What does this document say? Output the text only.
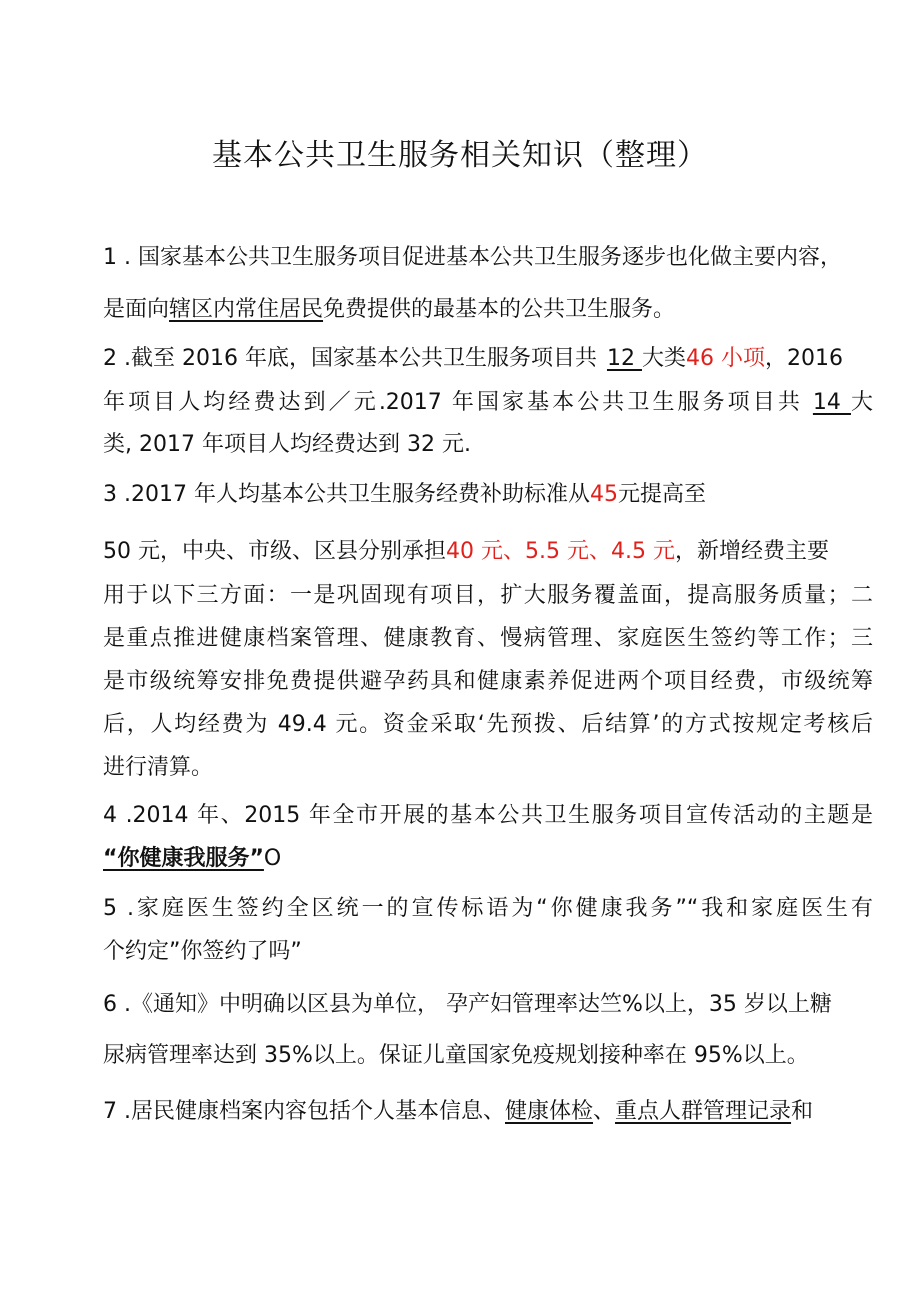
基本公共卫生服务相关知识（整理）
1 . 国家基本公共卫生服务项目促进基本公共卫生服务逐步也化做主要内容，
是面向辖区内常住居民免费提供的最基本的公共卫生服务。
2 .截至 2016 年底，国家基本公共卫生服务项目共 12 大类46 小项，2016
年项目人均经费达到／元.2017 年国家基本公共卫生服务项目共 14 大
类, 2017 年项目人均经费达到 32 元.
3 .2017 年人均基本公共卫生服务经费补助标准从45元提高至
50 元，中央、市级、区县分别承担40 元、5.5 元、4.5 元，新增经费主要
用于以下三方面：一是巩固现有项目，扩大服务覆盖面，提高服务质量；二
是重点推进健康档案管理、健康教育、慢病管理、家庭医生签约等工作；三
是市级统筹安排免费提供避孕药具和健康素养促进两个项目经费，市级统筹
后，人均经费为 49.4 元。资金采取‘先预拨、后结算’的方式按规定考核后
进行清算。
4 .2014 年、2015 年全市开展的基本公共卫生服务项目宣传活动的主题是
“你健康我服务”O
5 .家庭医生签约全区统一的宣传标语为“你健康我务”“我和家庭医生有
个约定”你签约了吗”
6 .《通知》中明确以区县为单位， 孕产妇管理率达竺%以上，35 岁以上糖
尿病管理率达到 35%以上。保证儿童国家免疫规划接种率在 95%以上。
7 .居民健康档案内容包括个人基本信息、健康体检、重点人群管理记录和
